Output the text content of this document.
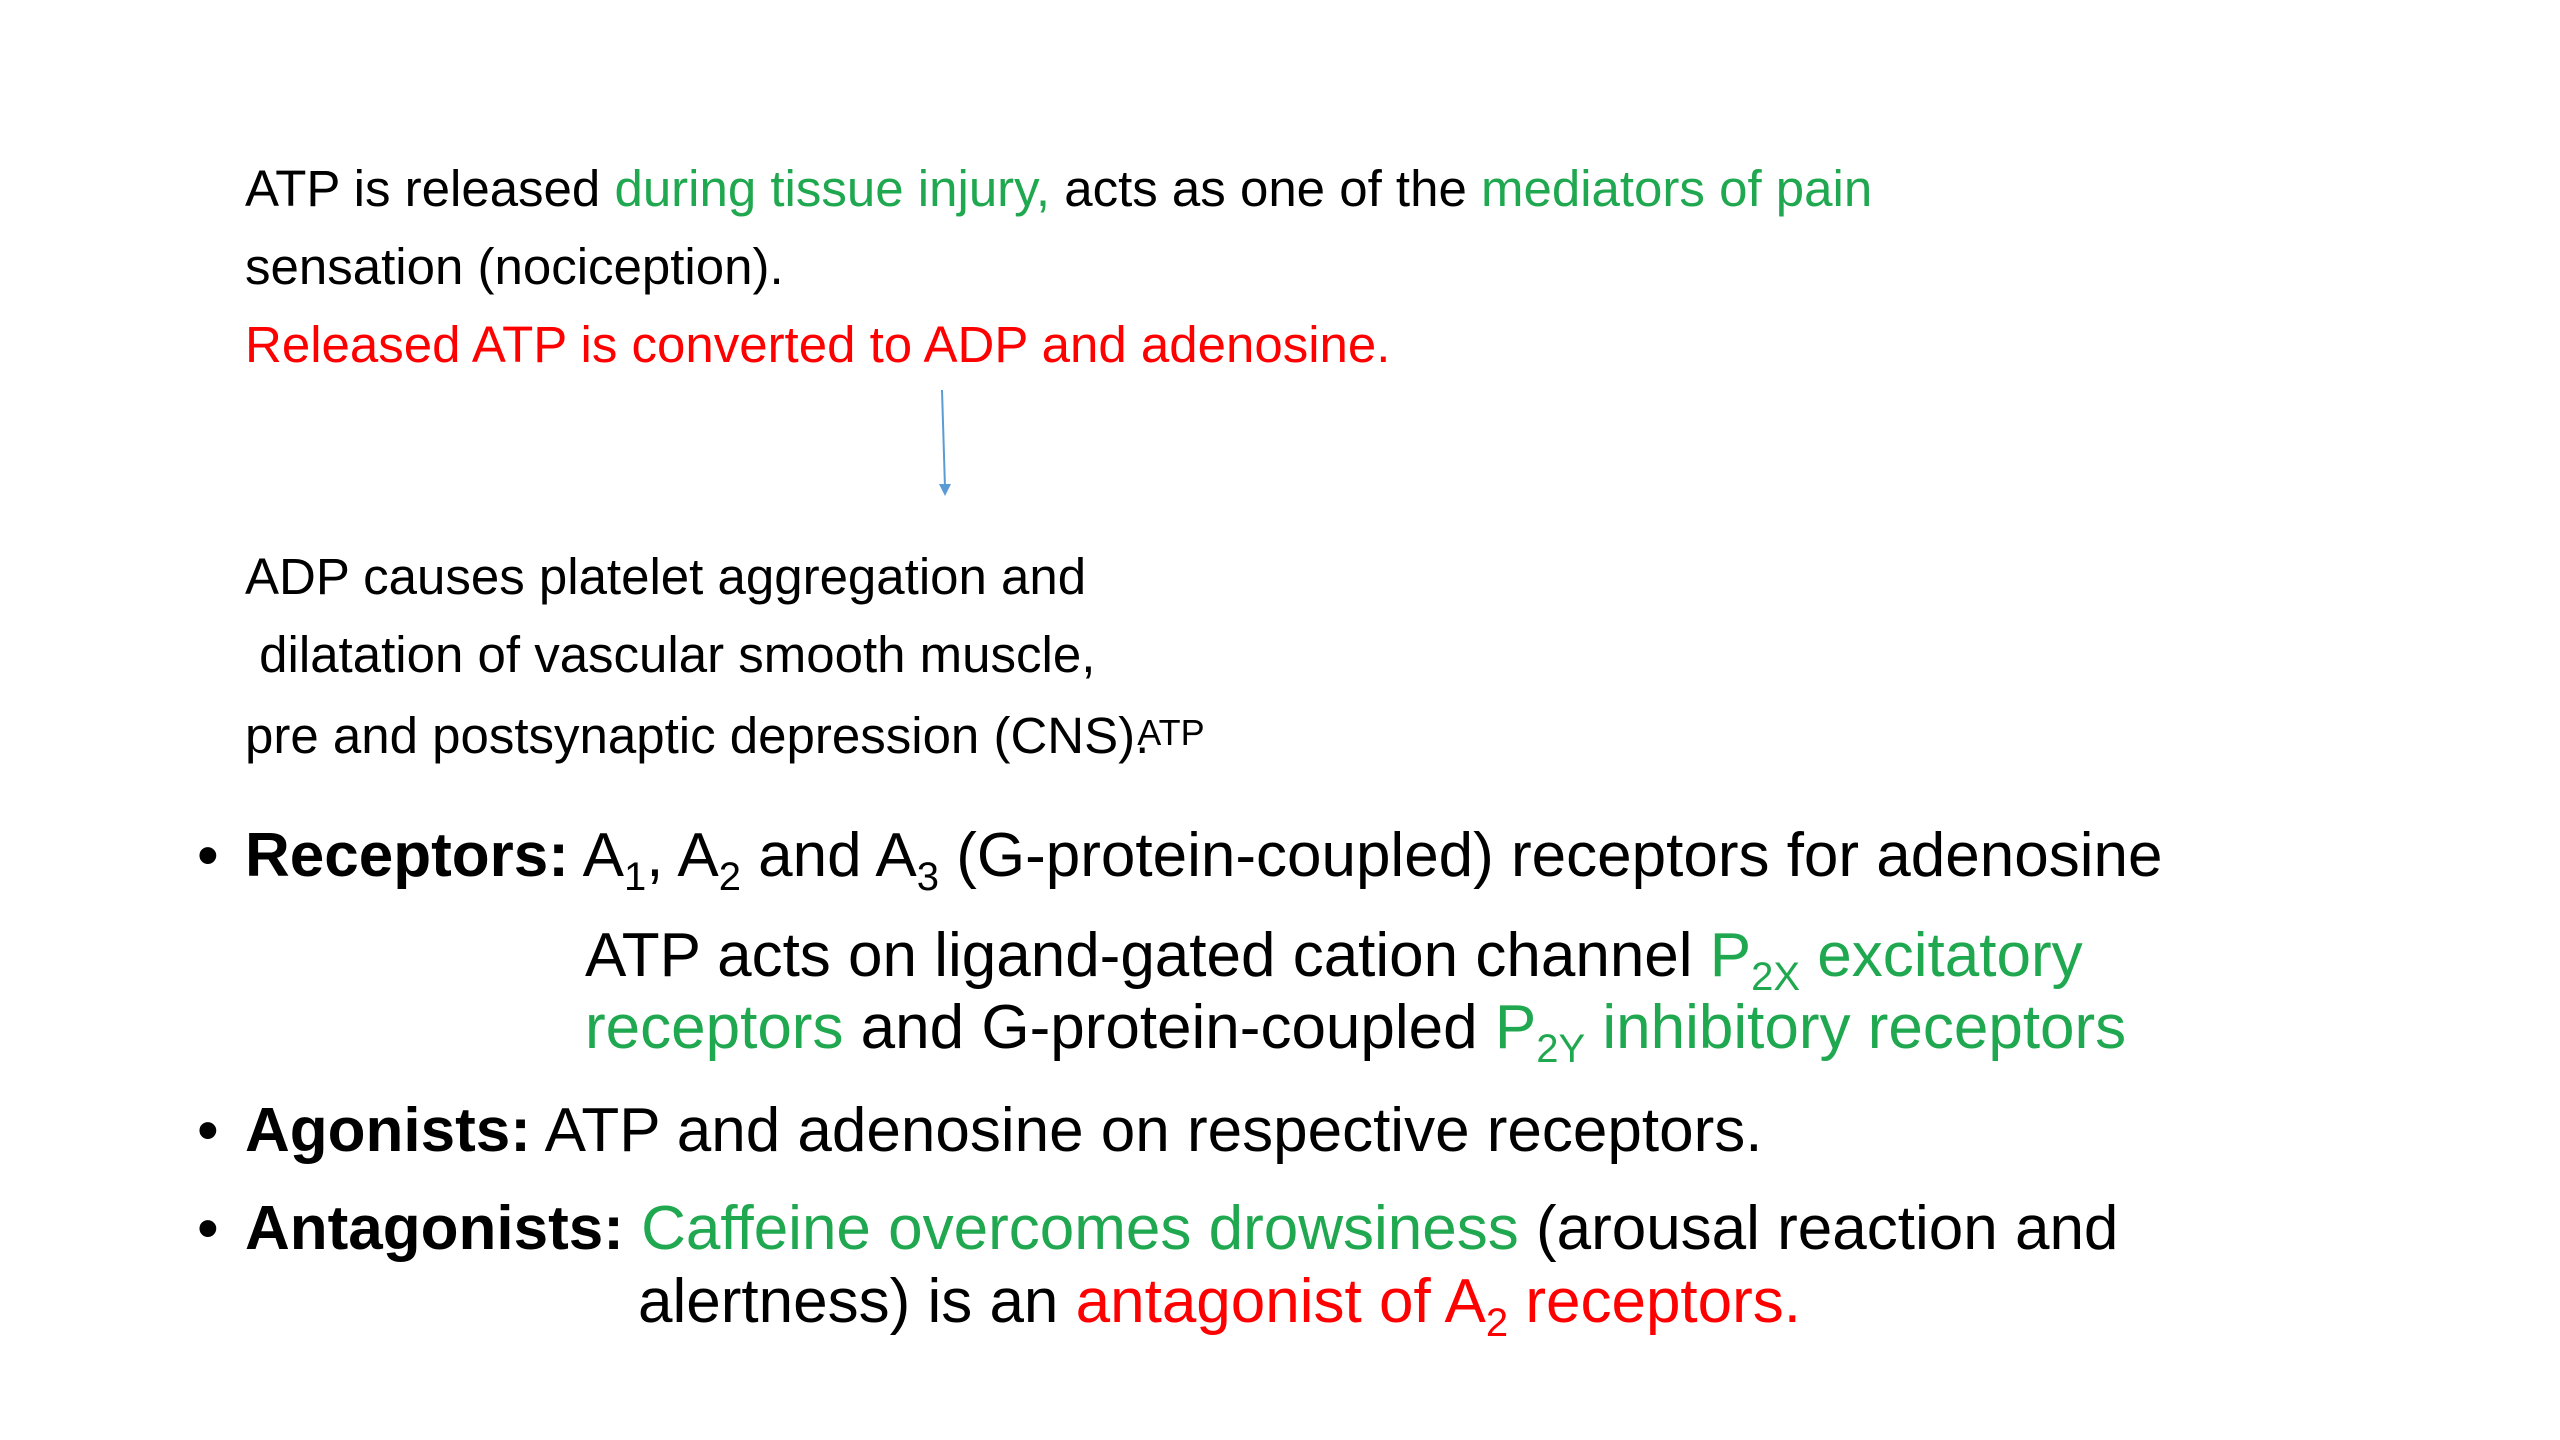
ATP is released during tissue injury, acts as one of the mediators of pain
sensation (nociception).
Released ATP is converted to ADP and adenosine.
ADP causes platelet aggregation and
dilatation of vascular smooth muscle,
pre and postsynaptic depression (CNS).ATP
• Receptors: $A_1$, $A_2$ and $A_3$ (G-protein-coupled) receptors for adenosine
ATP acts on ligand-gated cation channel $P_{2X}$ excitatory
receptors and G-protein-coupled $P_{2Y}$ inhibitory receptors
• Agonists: ATP and adenosine on respective receptors.
• Antagonists: Caffeine overcomes drowsiness (arousal reaction and
alertness) is an antagonist of $A_2$ receptors.
